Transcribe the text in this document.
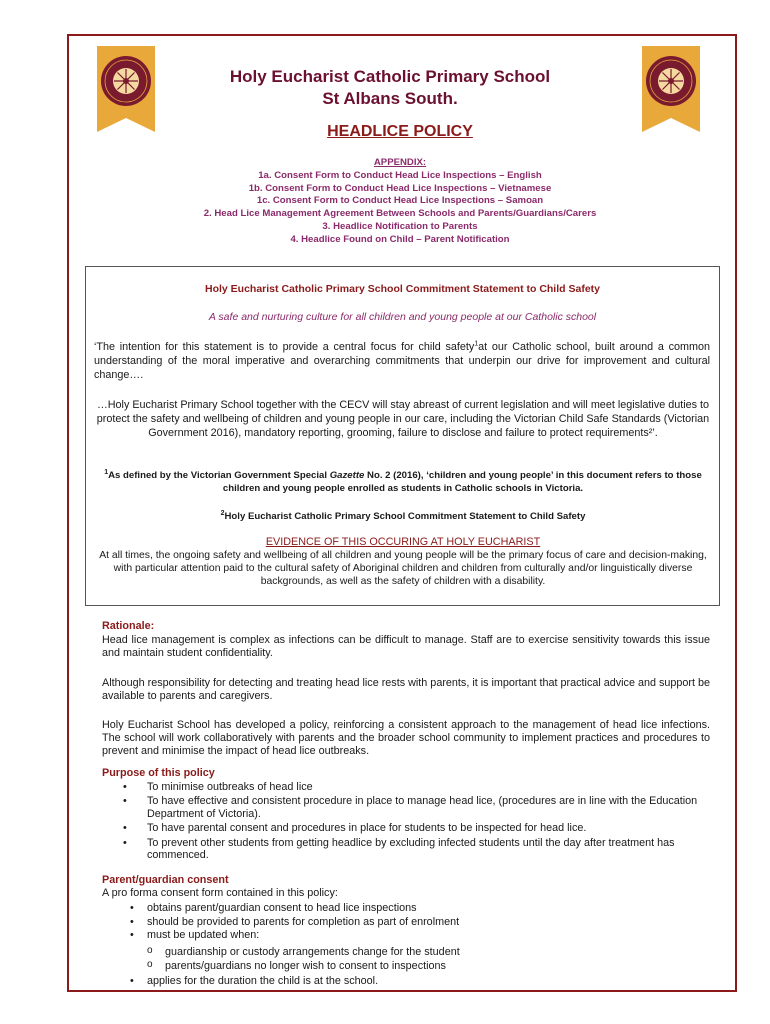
Holy Eucharist Catholic Primary School
St Albans South.
HEADLICE POLICY
APPENDIX:
1a. Consent Form to Conduct Head Lice Inspections – English
1b. Consent Form to Conduct Head Lice Inspections – Vietnamese
1c. Consent Form to Conduct Head Lice Inspections – Samoan
2. Head Lice Management Agreement Between Schools and Parents/Guardians/Carers
3. Headlice Notification to Parents
4. Headlice Found on Child – Parent Notification
Holy Eucharist Catholic Primary School Commitment Statement to Child Safety
A safe and nurturing culture for all children and young people at our Catholic school
‘The intention for this statement is to provide a central focus for child safety$^1$at our Catholic school, built around a common understanding of the moral imperative and overarching commitments that underpin our drive for improvement and cultural change….
…Holy Eucharist Primary School together with the CECV will stay abreast of current legislation and will meet legislative duties to protect the safety and wellbeing of children and young people in our care, including the Victorian Child Safe Standards (Victorian Government 2016), mandatory reporting, grooming, failure to disclose and failure to protect requirements²’.
$^1$As defined by the Victorian Government Special Gazette No. 2 (2016), ‘children and young people’ in this document refers to those children and young people enrolled as students in Catholic schools in Victoria.
$^2$Holy Eucharist Catholic Primary School Commitment Statement to Child Safety
EVIDENCE OF THIS OCCURING AT HOLY EUCHARIST
At all times, the ongoing safety and wellbeing of all children and young people will be the primary focus of care and decision-making, with particular attention paid to the cultural safety of Aboriginal children and children from culturally and/or linguistically diverse backgrounds, as well as the safety of children with a disability.
Rationale:
Head lice management is complex as infections can be difficult to manage. Staff are to exercise sensitivity towards this issue and maintain student confidentiality.
Although responsibility for detecting and treating head lice rests with parents, it is important that practical advice and support be available to parents and caregivers.
Holy Eucharist School has developed a policy, reinforcing a consistent approach to the management of head lice infections. The school will work collaboratively with parents and the broader school community to implement practices and procedures to prevent and minimise the impact of head lice outbreaks.
Purpose of this policy
• To minimise outbreaks of head lice
• To have effective and consistent procedure in place to manage head lice, (procedures are in line with the Education Department of Victoria).
• To have parental consent and procedures in place for students to be inspected for head lice.
• To prevent other students from getting headlice by excluding infected students until the day after treatment has commenced.
Parent/guardian consent
A pro forma consent form contained in this policy:
• obtains parent/guardian consent to head lice inspections
• should be provided to parents for completion as part of enrolment
• must be updated when:
o guardianship or custody arrangements change for the student
o parents/guardians no longer wish to consent to inspections
• applies for the duration the child is at the school.
